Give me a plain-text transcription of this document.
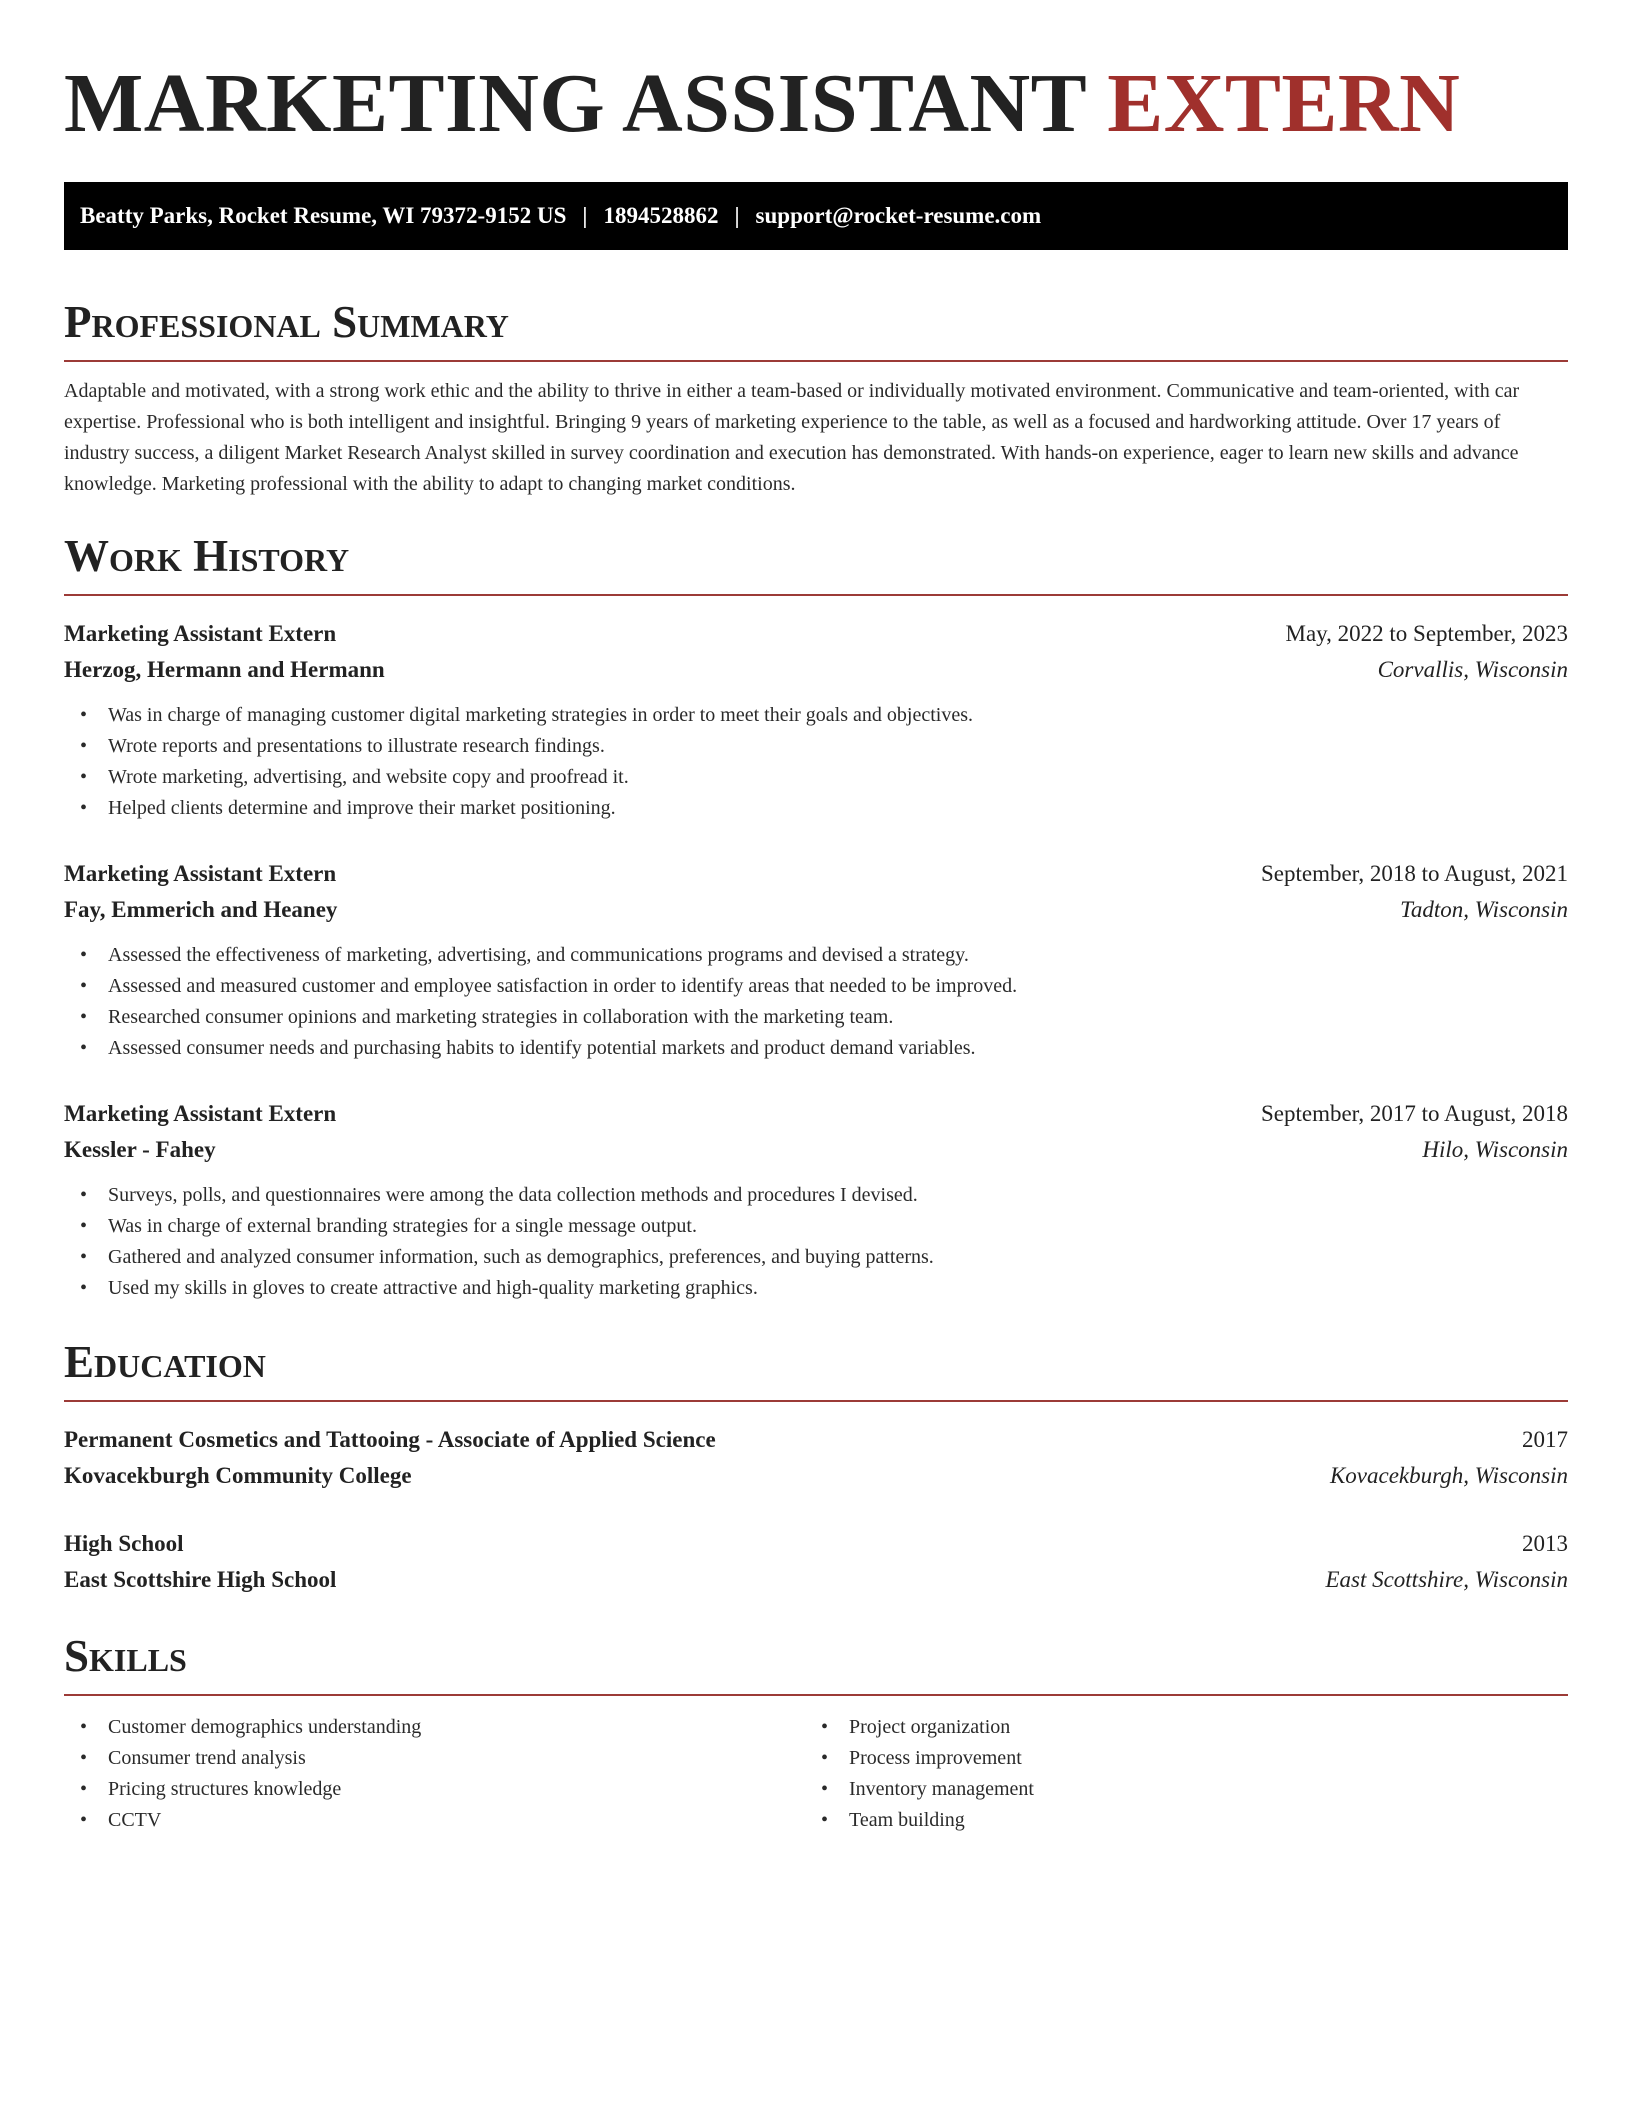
MARKETING ASSISTANT EXTERN
Beatty Parks, Rocket Resume, WI 79372-9152 US | 1894528862 | support@rocket-resume.com
Professional Summary

Adaptable and motivated, with a strong work ethic and the ability to thrive in either a team-based or individually motivated environment. Communicative and team-oriented, with car expertise. Professional who is both intelligent and insightful. Bringing 9 years of marketing experience to the table, as well as a focused and hardworking attitude. Over 17 years of industry success, a diligent Market Research Analyst skilled in survey coordination and execution has demonstrated. With hands-on experience, eager to learn new skills and advance knowledge. Marketing professional with the ability to adapt to changing market conditions.

Work History
Marketing Assistant Extern	May, 2022 to September, 2023
Herzog, Hermann and Hermann	Corvallis, Wisconsin
• Was in charge of managing customer digital marketing strategies in order to meet their goals and objectives.
• Wrote reports and presentations to illustrate research findings.
• Wrote marketing, advertising, and website copy and proofread it.
• Helped clients determine and improve their market positioning.
Marketing Assistant Extern	September, 2018 to August, 2021
Fay, Emmerich and Heaney	Tadton, Wisconsin
• Assessed the effectiveness of marketing, advertising, and communications programs and devised a strategy.
• Assessed and measured customer and employee satisfaction in order to identify areas that needed to be improved.
• Researched consumer opinions and marketing strategies in collaboration with the marketing team.
• Assessed consumer needs and purchasing habits to identify potential markets and product demand variables.
Marketing Assistant Extern	September, 2017 to August, 2018
Kessler - Fahey	Hilo, Wisconsin
• Surveys, polls, and questionnaires were among the data collection methods and procedures I devised.
• Was in charge of external branding strategies for a single message output.
• Gathered and analyzed consumer information, such as demographics, preferences, and buying patterns.
• Used my skills in gloves to create attractive and high-quality marketing graphics.
Education
Permanent Cosmetics and Tattooing - Associate of Applied Science	2017
Kovacekburgh Community College	Kovacekburgh, Wisconsin
High School	2013
East Scottshire High School	East Scottshire, Wisconsin
Skills
• Customer demographics understanding
• Consumer trend analysis
• Pricing structures knowledge
• CCTV
• Project organization
• Process improvement
• Inventory management
• Team building
